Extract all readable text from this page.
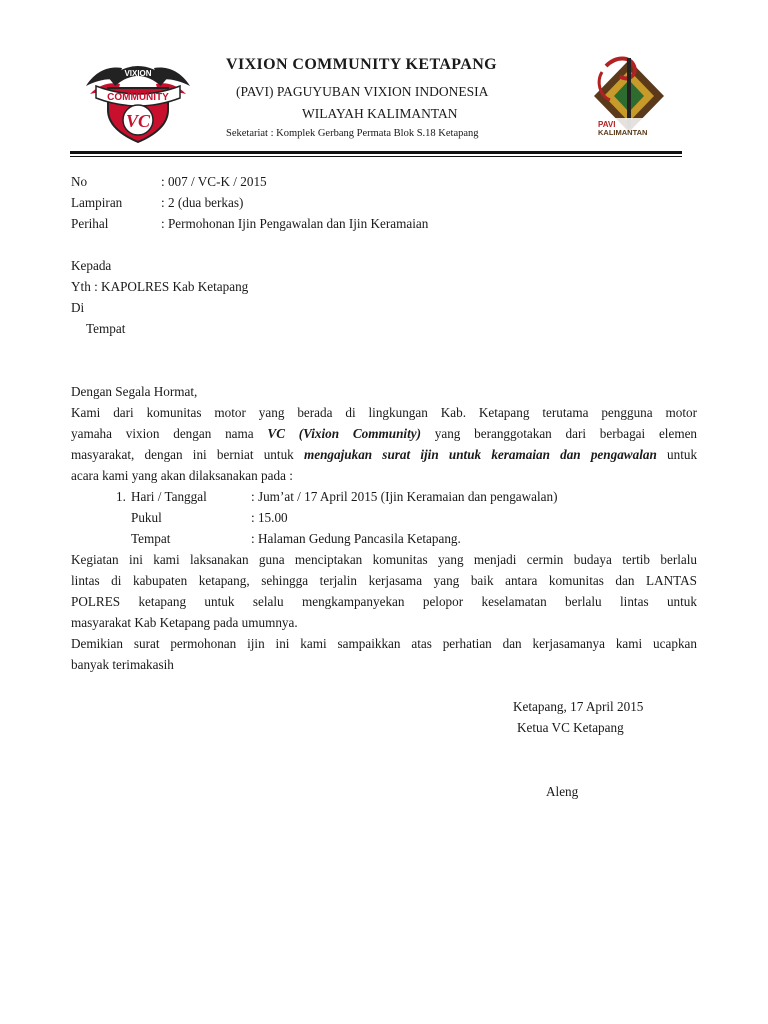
VIXION
COMMUNITY
VC
VIXION COMMUNITY KETAPANG
(PAVI) PAGUYUBAN VIXION INDONESIA
WILAYAH KALIMANTAN
Seketariat : Komplek Gerbang Permata Blok S.18 Ketapang
PAVI
KALIMANTAN
No	: 007 / VC-K / 2015
Lampiran	: 2 (dua berkas)
Perihal	: Permohonan Ijin Pengawalan dan Ijin Keramaian
Kepada
Yth : KAPOLRES Kab Ketapang
Di
Tempat
Dengan Segala Hormat,
Kami dari komunitas motor yang berada di lingkungan Kab. Ketapang terutama pengguna motor
yamaha vixion dengan nama VC (Vixion Community) yang beranggotakan dari berbagai elemen
masyarakat, dengan ini berniat untuk mengajukan surat ijin untuk keramaian dan pengawalan untuk
acara kami yang akan dilaksanakan pada :
1. Hari / Tanggal	: Jum’at / 17 April 2015 (Ijin Keramaian dan pengawalan)
Pukul	: 15.00
Tempat	: Halaman Gedung Pancasila Ketapang.
Kegiatan ini kami laksanakan guna menciptakan komunitas yang menjadi cermin budaya tertib berlalu
lintas di kabupaten ketapang, sehingga terjalin kerjasama yang baik antara komunitas dan LANTAS
POLRES ketapang untuk selalu mengkampanyekan pelopor keselamatan berlalu lintas untuk
masyarakat Kab Ketapang pada umumnya.
Demikian surat permohonan ijin ini kami sampaikkan atas perhatian dan kerjasamanya kami ucapkan
banyak terimakasih
Ketapang, 17 April 2015
Ketua VC Ketapang
Aleng
